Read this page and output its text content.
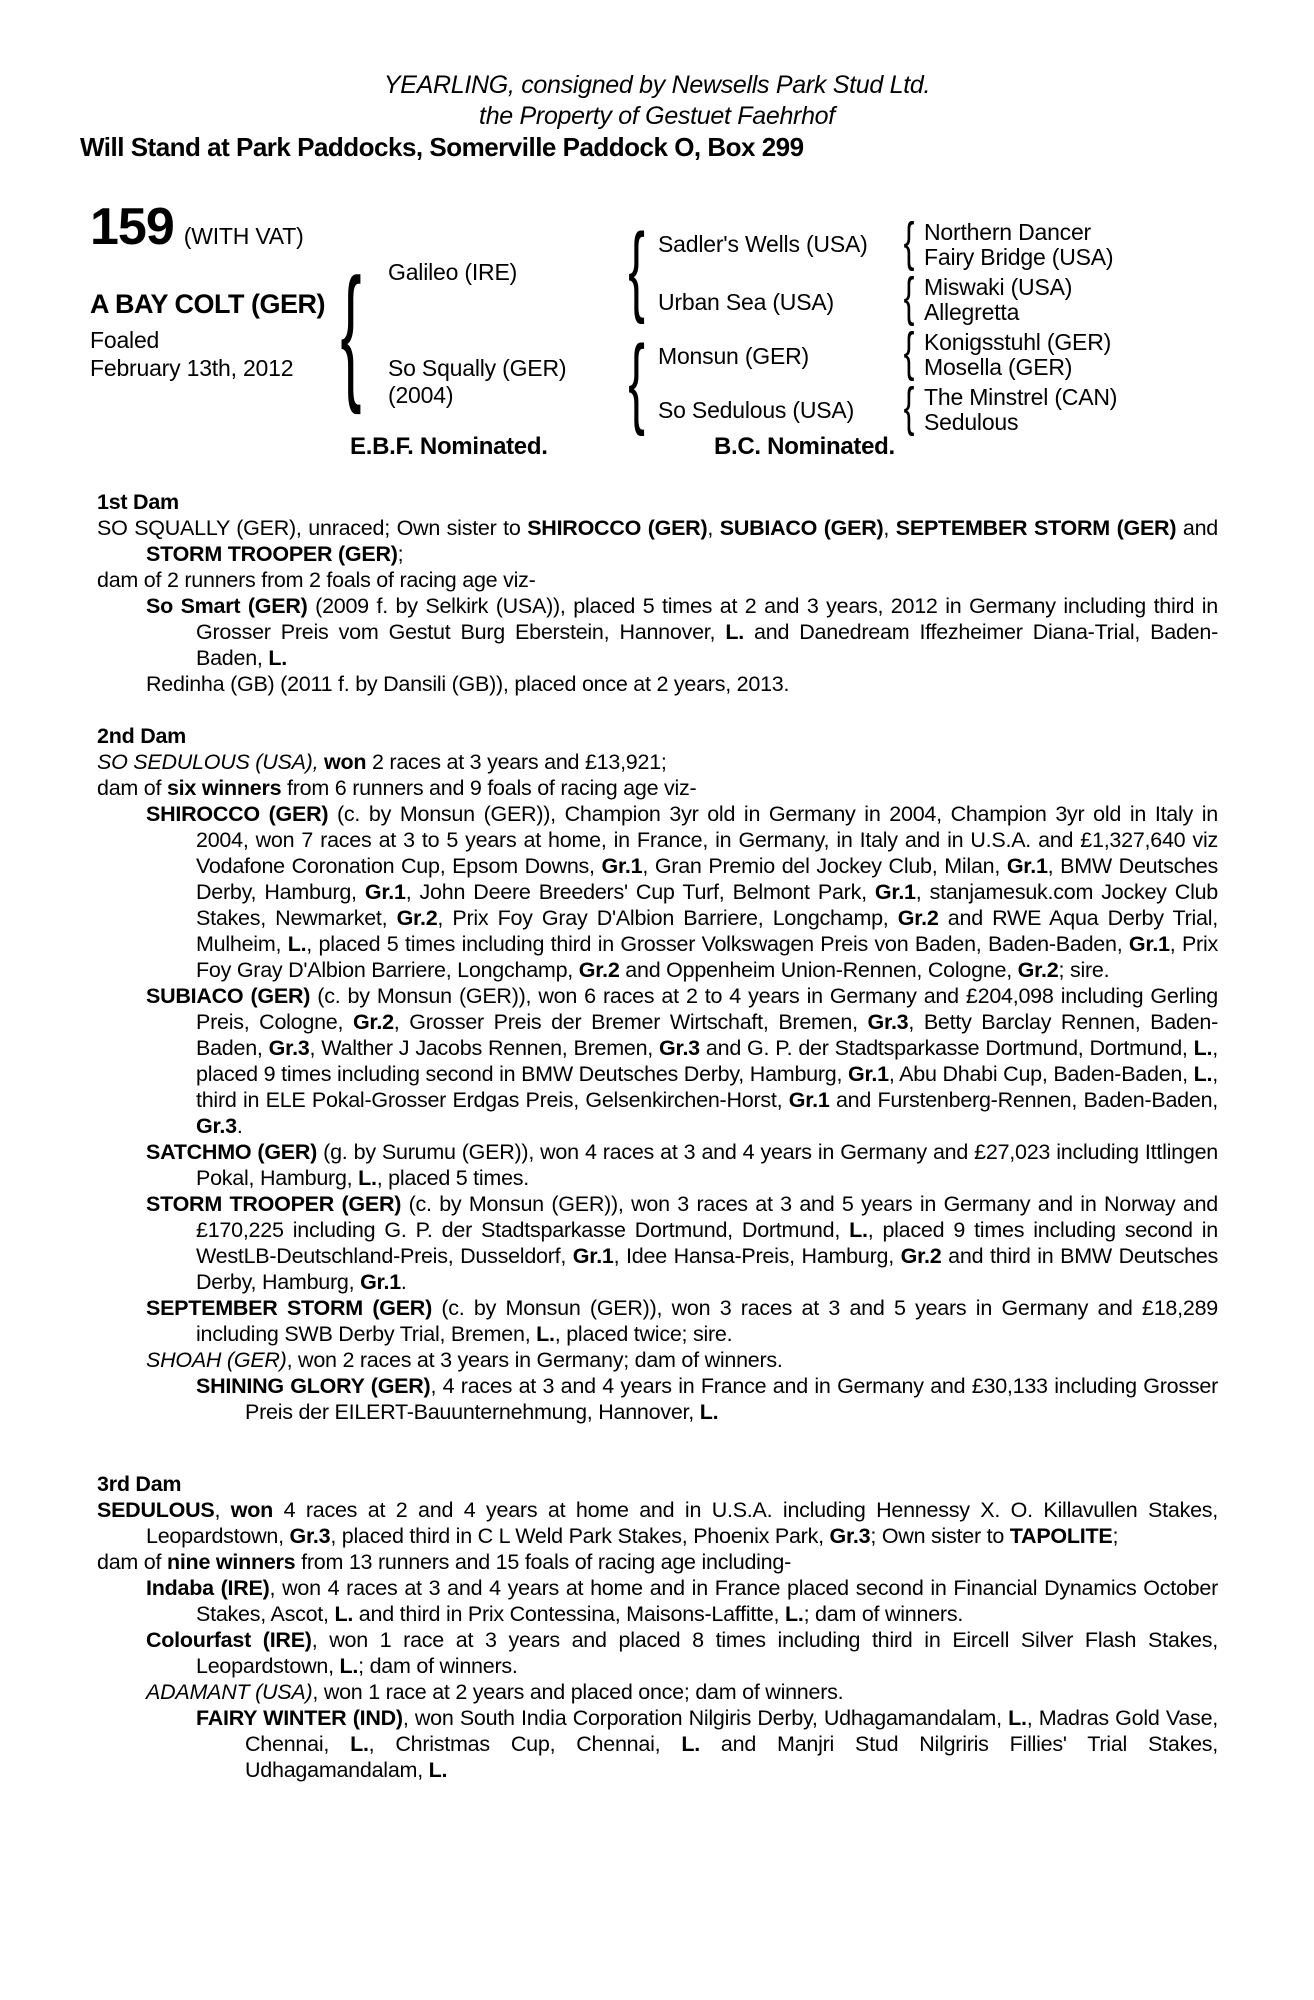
YEARLING, consigned by Newsells Park Stud Ltd.
the Property of Gestuet Faehrhof
Will Stand at Park Paddocks, Somerville Paddock O, Box 299
159 (WITH VAT)
A BAY COLT (GER)
Foaled
February 13th, 2012 {	{
{
{
{
{
{
Galileo (IRE)
So Squally (GER)
(2004)
Sadler's Wells (USA)
Urban Sea (USA)
Monsun (GER)
So Sedulous (USA)
Northern Dancer
Fairy Bridge (USA)
Miswaki (USA)
Allegretta
Konigsstuhl (GER)
Mosella (GER)
The Minstrel (CAN)
Sedulous
E.B.F. Nominated.	B.C. Nominated.
1st Dam

SO SQUALLY (GER), unraced; Own sister to SHIROCCO (GER), SUBIACO (GER), SEPTEMBER STORM (GER) and STORM TROOPER (GER);

dam of 2 runners from 2 foals of racing age viz-

So Smart (GER) (2009 f. by Selkirk (USA)), placed 5 times at 2 and 3 years, 2012 in Germany including third in Grosser Preis vom Gestut Burg Eberstein, Hannover, L. and Danedream Iffezheimer Diana-Trial, Baden-Baden, L.

Redinha (GB) (2011 f. by Dansili (GB)), placed once at 2 years, 2013.

2nd Dam

SO SEDULOUS (USA), won 2 races at 3 years and £13,921;

dam of six winners from 6 runners and 9 foals of racing age viz-

SHIROCCO (GER) (c. by Monsun (GER)), Champion 3yr old in Germany in 2004, Champion 3yr old in Italy in 2004, won 7 races at 3 to 5 years at home, in France, in Germany, in Italy and in U.S.A. and £1,327,640 viz Vodafone Coronation Cup, Epsom Downs, Gr.1, Gran Premio del Jockey Club, Milan, Gr.1, BMW Deutsches Derby, Hamburg, Gr.1, John Deere Breeders' Cup Turf, Belmont Park, Gr.1, stanjamesuk.com Jockey Club Stakes, Newmarket, Gr.2, Prix Foy Gray D'Albion Barriere, Longchamp, Gr.2 and RWE Aqua Derby Trial, Mulheim, L., placed 5 times including third in Grosser Volkswagen Preis von Baden, Baden-Baden, Gr.1, Prix Foy Gray D'Albion Barriere, Longchamp, Gr.2 and Oppenheim Union-Rennen, Cologne, Gr.2; sire.

SUBIACO (GER) (c. by Monsun (GER)), won 6 races at 2 to 4 years in Germany and £204,098 including Gerling Preis, Cologne, Gr.2, Grosser Preis der Bremer Wirtschaft, Bremen, Gr.3, Betty Barclay Rennen, Baden-Baden, Gr.3, Walther J Jacobs Rennen, Bremen, Gr.3 and G. P. der Stadtsparkasse Dortmund, Dortmund, L., placed 9 times including second in BMW Deutsches Derby, Hamburg, Gr.1, Abu Dhabi Cup, Baden-Baden, L., third in ELE Pokal-Grosser Erdgas Preis, Gelsenkirchen-Horst, Gr.1 and Furstenberg-Rennen, Baden-Baden, Gr.3.

SATCHMO (GER) (g. by Surumu (GER)), won 4 races at 3 and 4 years in Germany and £27,023 including Ittlingen Pokal, Hamburg, L., placed 5 times.

STORM TROOPER (GER) (c. by Monsun (GER)), won 3 races at 3 and 5 years in Germany and in Norway and £170,225 including G. P. der Stadtsparkasse Dortmund, Dortmund, L., placed 9 times including second in WestLB-Deutschland-Preis, Dusseldorf, Gr.1, Idee Hansa-Preis, Hamburg, Gr.2 and third in BMW Deutsches Derby, Hamburg, Gr.1.

SEPTEMBER STORM (GER) (c. by Monsun (GER)), won 3 races at 3 and 5 years in Germany and £18,289 including SWB Derby Trial, Bremen, L., placed twice; sire.

SHOAH (GER), won 2 races at 3 years in Germany; dam of winners.

SHINING GLORY (GER), 4 races at 3 and 4 years in France and in Germany and £30,133 including Grosser Preis der EILERT-Bauunternehmung, Hannover, L.

3rd Dam

SEDULOUS, won 4 races at 2 and 4 years at home and in U.S.A. including Hennessy X. O. Killavullen Stakes, Leopardstown, Gr.3, placed third in C L Weld Park Stakes, Phoenix Park, Gr.3; Own sister to TAPOLITE;

dam of nine winners from 13 runners and 15 foals of racing age including-

Indaba (IRE), won 4 races at 3 and 4 years at home and in France placed second in Financial Dynamics October Stakes, Ascot, L. and third in Prix Contessina, Maisons-Laffitte, L.; dam of winners.

Colourfast (IRE), won 1 race at 3 years and placed 8 times including third in Eircell Silver Flash Stakes, Leopardstown, L.; dam of winners.

ADAMANT (USA), won 1 race at 2 years and placed once; dam of winners.

FAIRY WINTER (IND), won South India Corporation Nilgiris Derby, Udhagamandalam, L., Madras Gold Vase, Chennai, L., Christmas Cup, Chennai, L. and Manjri Stud Nilgriris Fillies' Trial Stakes, Udhagamandalam, L.
